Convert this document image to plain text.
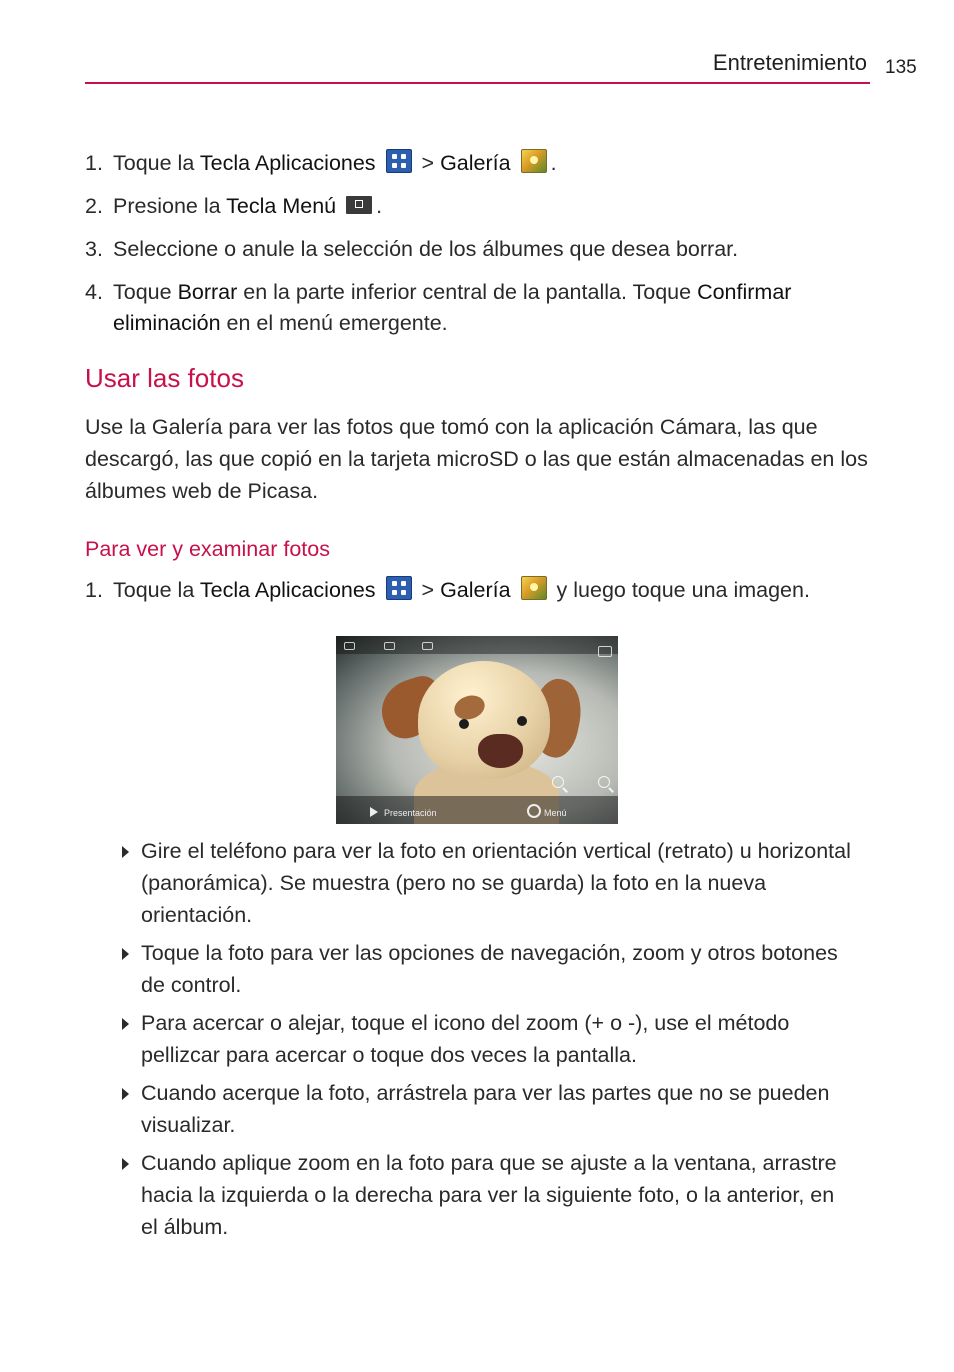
Entretenimiento 135
1. Toque la Tecla Aplicaciones
> Galería .
2. Presione la Tecla Menú .
3. Seleccione o anule la selección de los álbumes que desea borrar.
4. Toque Borrar en la parte inferior central de la pantalla. Toque Confirmar eliminación en el menú emergente.
Usar las fotos
Use la Galería para ver las fotos que tomó con la aplicación Cámara, las que descargó, las que copió en la tarjeta microSD o las que están almacenadas en los álbumes web de Picasa.
Para ver y examinar fotos
1. Toque la Tecla Aplicaciones
> Galería  y luego toque una imagen.
Presentación	Menú
Gire el teléfono para ver la foto en orientación vertical (retrato) u horizontal (panorámica). Se muestra (pero no se guarda) la foto en la nueva orientación.
Toque la foto para ver las opciones de navegación, zoom y otros botones de control.
Para acercar o alejar, toque el icono del zoom (+ o -), use el método pellizcar para acercar o toque dos veces la pantalla.
Cuando acerque la foto, arrástrela para ver las partes que no se pueden visualizar.
Cuando aplique zoom en la foto para que se ajuste a la ventana, arrastre hacia la izquierda o la derecha para ver la siguiente foto, o la anterior, en el álbum.
